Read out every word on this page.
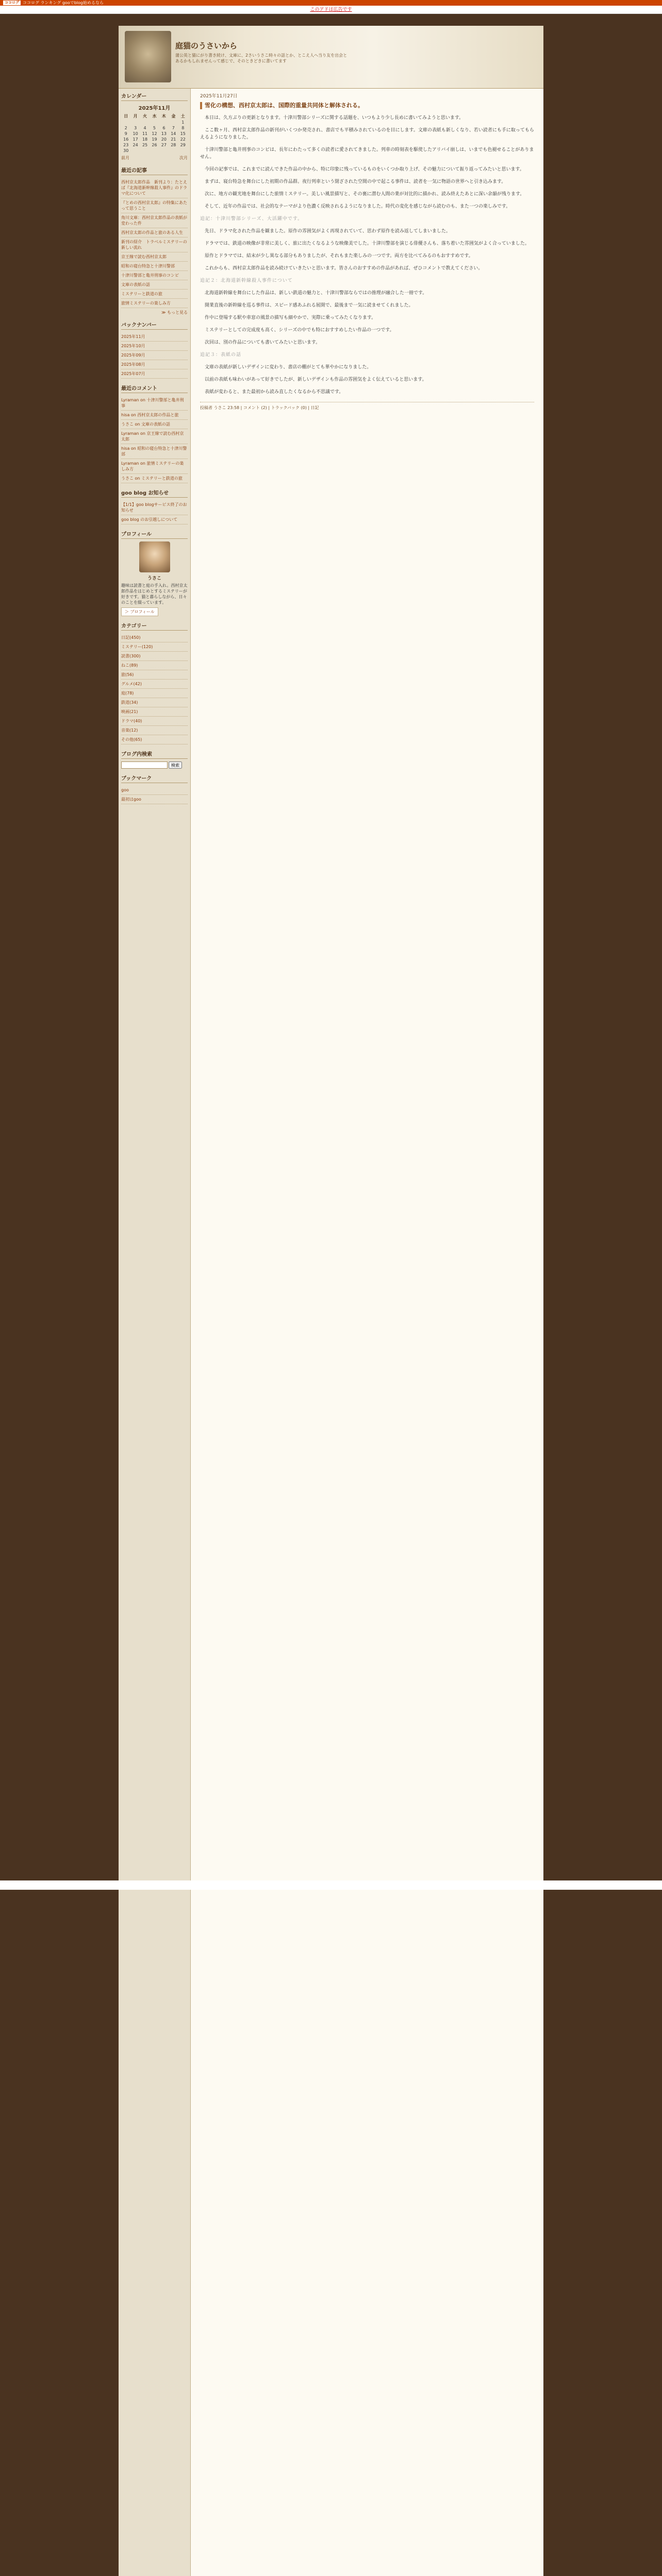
ココログ ココログ ランキング gooでblog始めるなら
このアドは広告です
庭猫のうさいから
蒲公英と猫にがり書き続け、文庫に、2さいうさこ時々の話とか、とこえ人へ当り友を出会とあるかもしれませんって感じで、そのときどきに書いてます
カレンダー
2025年11月
日	月	火	水	木	金	土
						1
2	3	4	5	6	7	8
9	10	11	12	13	14	15
16	17	18	19	20	21	22
23	24	25	26	27	28	29
30						
前月	次月
最近の記事
西村京太郎作品　新刊より：たとえば『北海道新幹線殺人事件』のドラマ化について
『とめの西村京太郎』の特集にあたって思うこと
角川文庫：西村京太郎作品の表紙が変わった件
西村京太郎の作品と旅のある人生
新刊の紹介　トラベルミステリーの新しい流れ
京王線で読む西村京太郎
昭和の寝台特急と十津川警部
十津川警部と亀井刑事のコンビ
文庫の表紙の話
ミステリーと鉄道の旅
旅情ミステリーの楽しみ方
≫ もっと見る
バックナンバー
2025年11月
2025年10月
2025年09月
2025年08月
2025年07月
最近のコメント
Lyraman on 十津川警部と亀井刑事
hisa on 西村京太郎の作品と旅
うさこ on 文庫の表紙の話
Lyraman on 京王線で読む西村京太郎
hisa on 昭和の寝台特急と十津川警部
Lyraman on 旅情ミステリーの楽しみ方
うさこ on ミステリーと鉄道の旅
goo blog お知らせ
【1/1】goo blogサービス終了のお知らせ
goo blog のお引越しについて
プロフィール
うさこ
趣味は読書と庭の手入れ。西村京太郎作品をはじめとするミステリーが好きです。猫と暮らしながら、日々のことを綴っています。
＞ プロフィール
カテゴリー
日記(450)
ミステリー(120)
読書(300)
ねこ(89)
旅(56)
グルメ(42)
庭(78)
鉄道(34)
映画(21)
ドラマ(40)
音楽(12)
その他(65)
ブログ内検索
検索
ブックマーク
goo
最初はgoo
2025年11月27日
雪化の構想、西村京太郎は、国際的重量共同体と解体される。

本日は、久方ぶりの更新となります。十津川警部シリーズに関する話題を、いつもより少し長めに書いてみようと思います。

ここ数ヶ月、西村京太郎作品の新刊がいくつか発売され、書店でも平積みされているのを目にします。文庫の表紙も新しくなり、若い読者にも手に取ってもらえるようになりました。

十津川警部と亀井刑事のコンビは、長年にわたって多くの読者に愛されてきました。列車の時刻表を駆使したアリバイ崩しは、いまでも色褪せることがありません。

今回の記事では、これまでに読んできた作品の中から、特に印象に残っているものをいくつか取り上げ、その魅力について振り返ってみたいと思います。

まずは、寝台特急を舞台にした初期の作品群。夜行列車という閉ざされた空間の中で起こる事件は、読者を一気に物語の世界へと引き込みます。

次に、地方の観光地を舞台にした旅情ミステリー。美しい風景描写と、その裏に潜む人間の業が対比的に描かれ、読み終えたあとに深い余韻が残ります。

そして、近年の作品では、社会的なテーマがより色濃く反映されるようになりました。時代の変化を感じながら読むのも、また一つの楽しみです。

追記：十津川警部シリーズ、大活躍中です。

先日、ドラマ化された作品を観ました。原作の雰囲気がよく再現されていて、思わず原作を読み返してしまいました。

ドラマでは、鉄道の映像が非常に美しく、旅に出たくなるような映像美でした。十津川警部を演じる俳優さんも、落ち着いた雰囲気がよく合っていました。

原作とドラマでは、結末が少し異なる部分もありましたが、それもまた楽しみの一つです。両方を比べてみるのもおすすめです。

これからも、西村京太郎作品を読み続けていきたいと思います。皆さんのおすすめの作品があれば、ぜひコメントで教えてください。

追記２：北海道新幹線殺人事件について

北海道新幹線を舞台にした作品は、新しい鉄道の魅力と、十津川警部ならではの推理が融合した一冊です。

開業直後の新幹線を巡る事件は、スピード感あふれる展開で、最後まで一気に読ませてくれました。

作中に登場する駅や車窓の風景の描写も細やかで、実際に乗ってみたくなります。

ミステリーとしての完成度も高く、シリーズの中でも特におすすめしたい作品の一つです。

次回は、別の作品についても書いてみたいと思います。

追記３：表紙の話

文庫の表紙が新しいデザインに変わり、書店の棚がとても華やかになりました。

以前の表紙も味わいがあって好きでしたが、新しいデザインも作品の雰囲気をよく伝えていると思います。

表紙が変わると、また最初から読み直したくなるから不思議です。

投稿者 うさこ 23:58 | コメント (2) | トラックバック (0) | 日記
